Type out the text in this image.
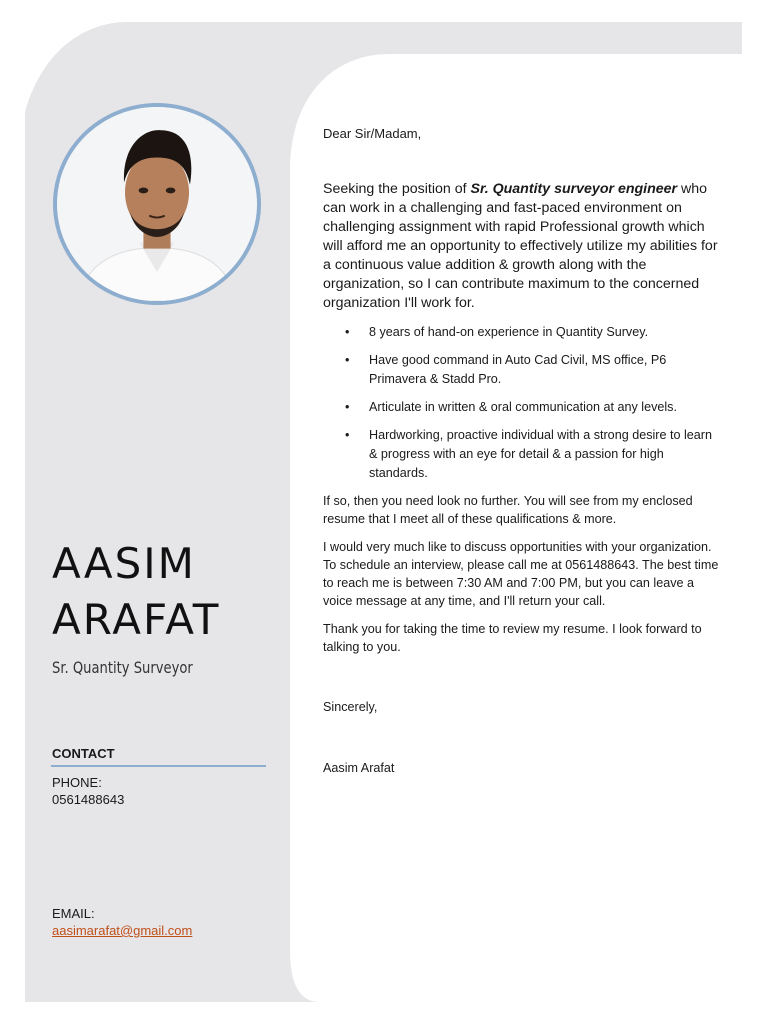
AASIM
ARAFAT
Sr. Quantity Surveyor
CONTACT
PHONE:
0561488643
EMAIL:
aasimarafat@gmail.com

Dear Sir/Madam,

Seeking the position of Sr. Quantity surveyor engineer who can work in a challenging and fast-paced environment on challenging assignment with rapid Professional growth which will afford me an opportunity to effectively utilize my abilities for a continuous value addition & growth along with the organization, so I can contribute maximum to the concerned organization I'll work for.

• 8 years of hand-on experience in Quantity Survey.
• Have good command in Auto Cad Civil, MS office, P6 Primavera & Stadd Pro.
• Articulate in written & oral communication at any levels.
• Hardworking, proactive individual with a strong desire to learn & progress with an eye for detail & a passion for high standards.

If so, then you need look no further. You will see from my enclosed resume that I meet all of these qualifications & more.

I would very much like to discuss opportunities with your organization. To schedule an interview, please call me at 0561488643. The best time to reach me is between 7:30 AM and 7:00 PM, but you can leave a voice message at any time, and I'll return your call.

Thank you for taking the time to review my resume. I look forward to talking to you.

Sincerely,

Aasim Arafat
